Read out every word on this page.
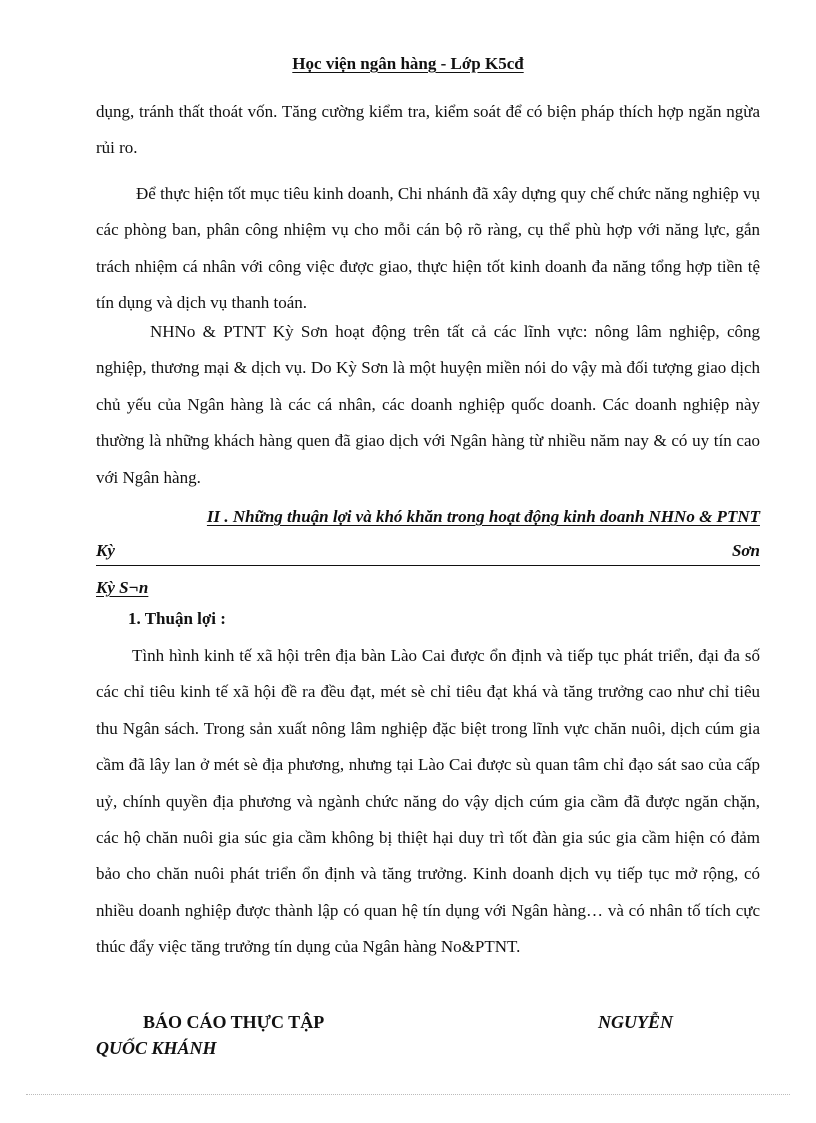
Học viện ngân hàng - Lớp K5cđ

dụng, tránh thất thoát vốn. Tăng cường kiểm tra, kiểm soát để có biện pháp thích hợp ngăn ngừa rủi ro.

Để thực hiện tốt mục tiêu kinh doanh, Chi nhánh đã xây dựng quy chế chức năng nghiệp vụ các phòng ban, phân công nhiệm vụ cho mỗi cán bộ rõ ràng, cụ thể phù hợp với năng lực, gắn trách nhiệm cá nhân với công việc được giao, thực hiện tốt kinh doanh đa năng tổng hợp tiền tệ tín dụng và dịch vụ thanh toán.

NHNo & PTNT Kỳ Sơn hoạt động trên tất cả các lĩnh vực: nông lâm nghiệp, công nghiệp, thương mại & dịch vụ. Do Kỳ Sơn là một huyện miền nói do vậy mà đối tượng giao dịch chủ yếu của Ngân hàng là các cá nhân, các doanh nghiệp quốc doanh. Các doanh nghiệp này thường là những khách hàng quen đã giao dịch với Ngân hàng từ nhiều năm nay & có uy tín cao với Ngân hàng.

II . Những thuận lợi và khó khăn trong hoạt động kinh doanh NHNo & PTNT
Kỳ	Sơn
Kỳ S¬n
1. Thuận lợi :

Tình hình kinh tế xã hội trên địa bàn Lào Cai được ổn định và tiếp tục phát triển, đại đa số các chỉ tiêu kinh tế xã hội đề ra đều đạt, mét sè chỉ tiêu đạt khá và tăng trưởng cao như chỉ tiêu thu Ngân sách. Trong sản xuất nông lâm nghiệp đặc biệt trong lĩnh vực chăn nuôi, dịch cúm gia cầm đã lây lan ở mét sè địa phương, nhưng tại Lào Cai được sù quan tâm chỉ đạo sát sao của cấp uỷ, chính quyền địa phương và ngành chức năng do vậy dịch cúm gia cầm đã được ngăn chặn, các hộ chăn nuôi gia súc gia cầm không bị thiệt hại duy trì tốt đàn gia súc gia cầm hiện có đảm bảo cho chăn nuôi phát triển ổn định và tăng trưởng. Kinh doanh dịch vụ tiếp tục mở rộng, có nhiều doanh nghiệp được thành lập có quan hệ tín dụng với Ngân hàng… và có nhân tố tích cực thúc đẩy việc tăng trưởng tín dụng của Ngân hàng No&PTNT.

BÁO CÁO THỰC TẬP	NGUYỄN
QUỐC KHÁNH
